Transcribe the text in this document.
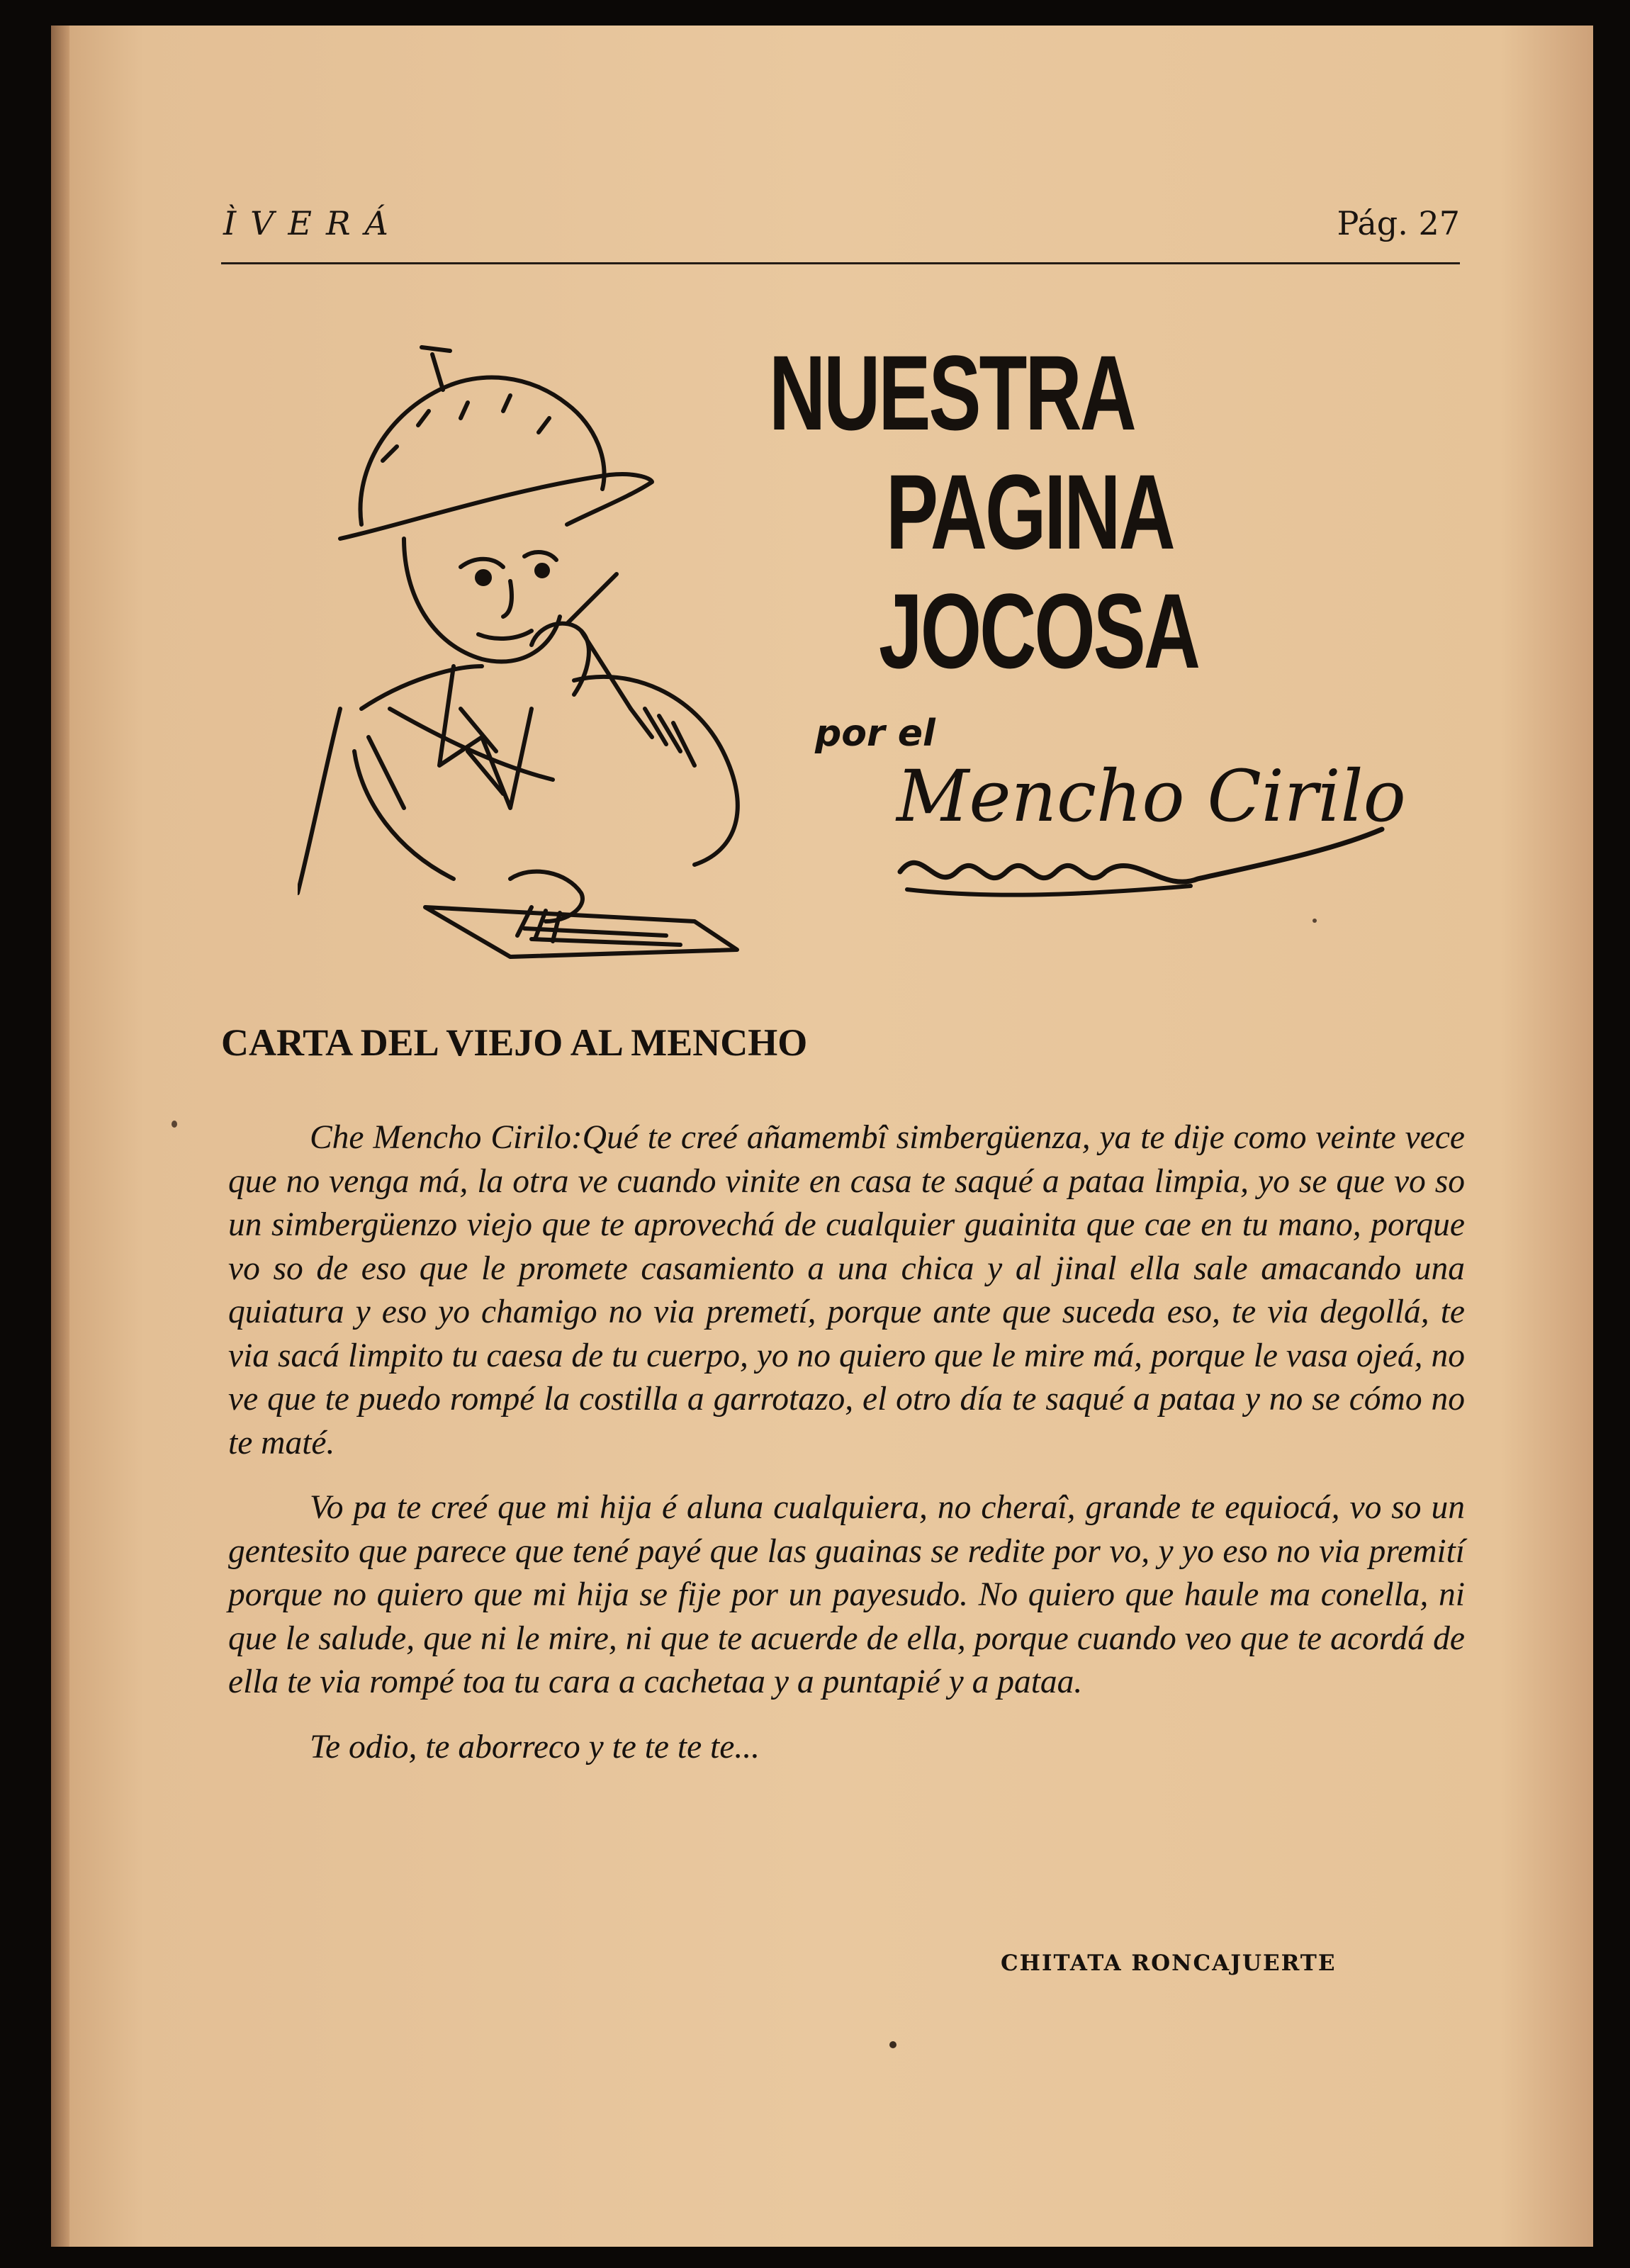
ÌVERÁ	Pág. 27
NUESTRA
PAGINA
JOCOSA
por el
Mencho Cirilo
CARTA DEL VIEJO AL MENCHO

Che Mencho Cirilo:Qué te creé añamembî simbergüenza, ya te dije como veinte vece que no venga má, la otra ve cuando vinite en casa te saqué a pataa limpia, yo se que vo so un simbergüenzo viejo que te aprovechá de cualquier guainita que cae en tu mano, porque vo so de eso que le promete casamiento a una chica y al jinal ella sale amacando una quiatura y eso yo chamigo no via premetí, porque ante que suceda eso, te via degollá, te via sacá limpito tu caesa de tu cuerpo, yo no quiero que le mire má, porque le vasa ojeá, no ve que te puedo rompé la costilla a garrotazo, el otro día te saqué a pataa y no se cómo no te maté.

Vo pa te creé que mi hija é aluna cualquiera, no cheraî, grande te equiocá, vo so un gentesito que parece que tené payé que las guainas se redite por vo, y yo eso no via premití porque no quiero que mi hija se fije por un payesudo. No quiero que haule ma conella, ni que le salude, que ni le mire, ni que te acuerde de ella, porque cuando veo que te acordá de ella te via rompé toa tu cara a cachetaa y a puntapié y a pataa.

Te odio, te aborreco y te te te te...

CHITATA RONCAJUERTE
